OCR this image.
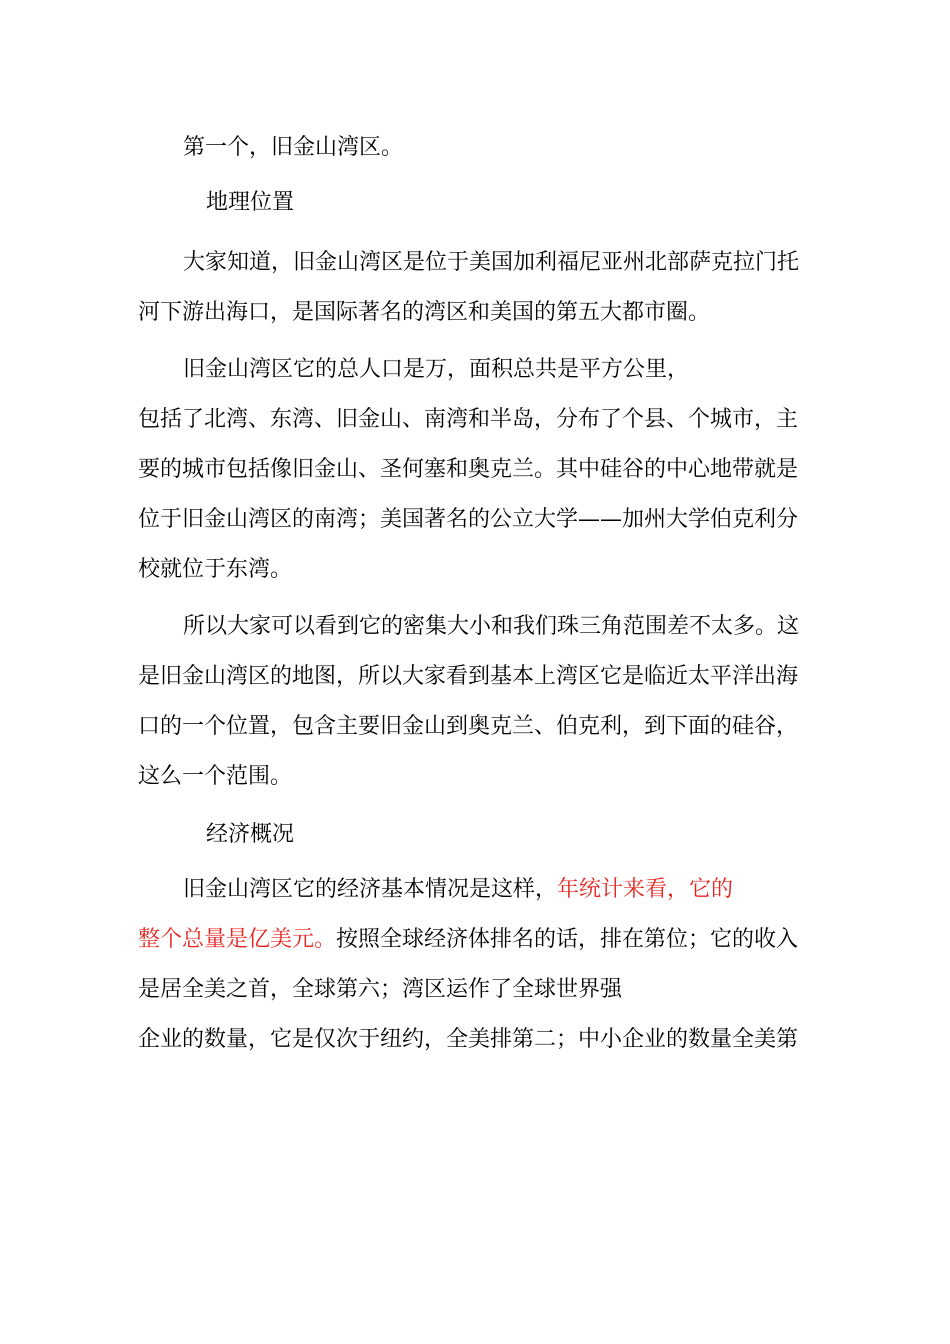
第一个，旧金山湾区。

地理位置

大家知道，旧金山湾区是位于美国加利福尼亚州北部萨克拉门托

河下游出海口，是国际著名的湾区和美国的第五大都市圈。

旧金山湾区它的总人口是万，面积总共是平方公里，

包括了北湾、东湾、旧金山、南湾和半岛，分布了个县、个城市，主

要的城市包括像旧金山、圣何塞和奥克兰。其中硅谷的中心地带就是

位于旧金山湾区的南湾；美国著名的公立大学——加州大学伯克利分

校就位于东湾。

所以大家可以看到它的密集大小和我们珠三角范围差不太多。这

是旧金山湾区的地图，所以大家看到基本上湾区它是临近太平洋出海

口的一个位置，包含主要旧金山到奥克兰、伯克利，到下面的硅谷，

这么一个范围。

经济概况

旧金山湾区它的经济基本情况是这样，年统计来看，它的

整个总量是亿美元。按照全球经济体排名的话，排在第位；它的收入

是居全美之首，全球第六；湾区运作了全球世界强

企业的数量，它是仅次于纽约，全美排第二；中小企业的数量全美第
